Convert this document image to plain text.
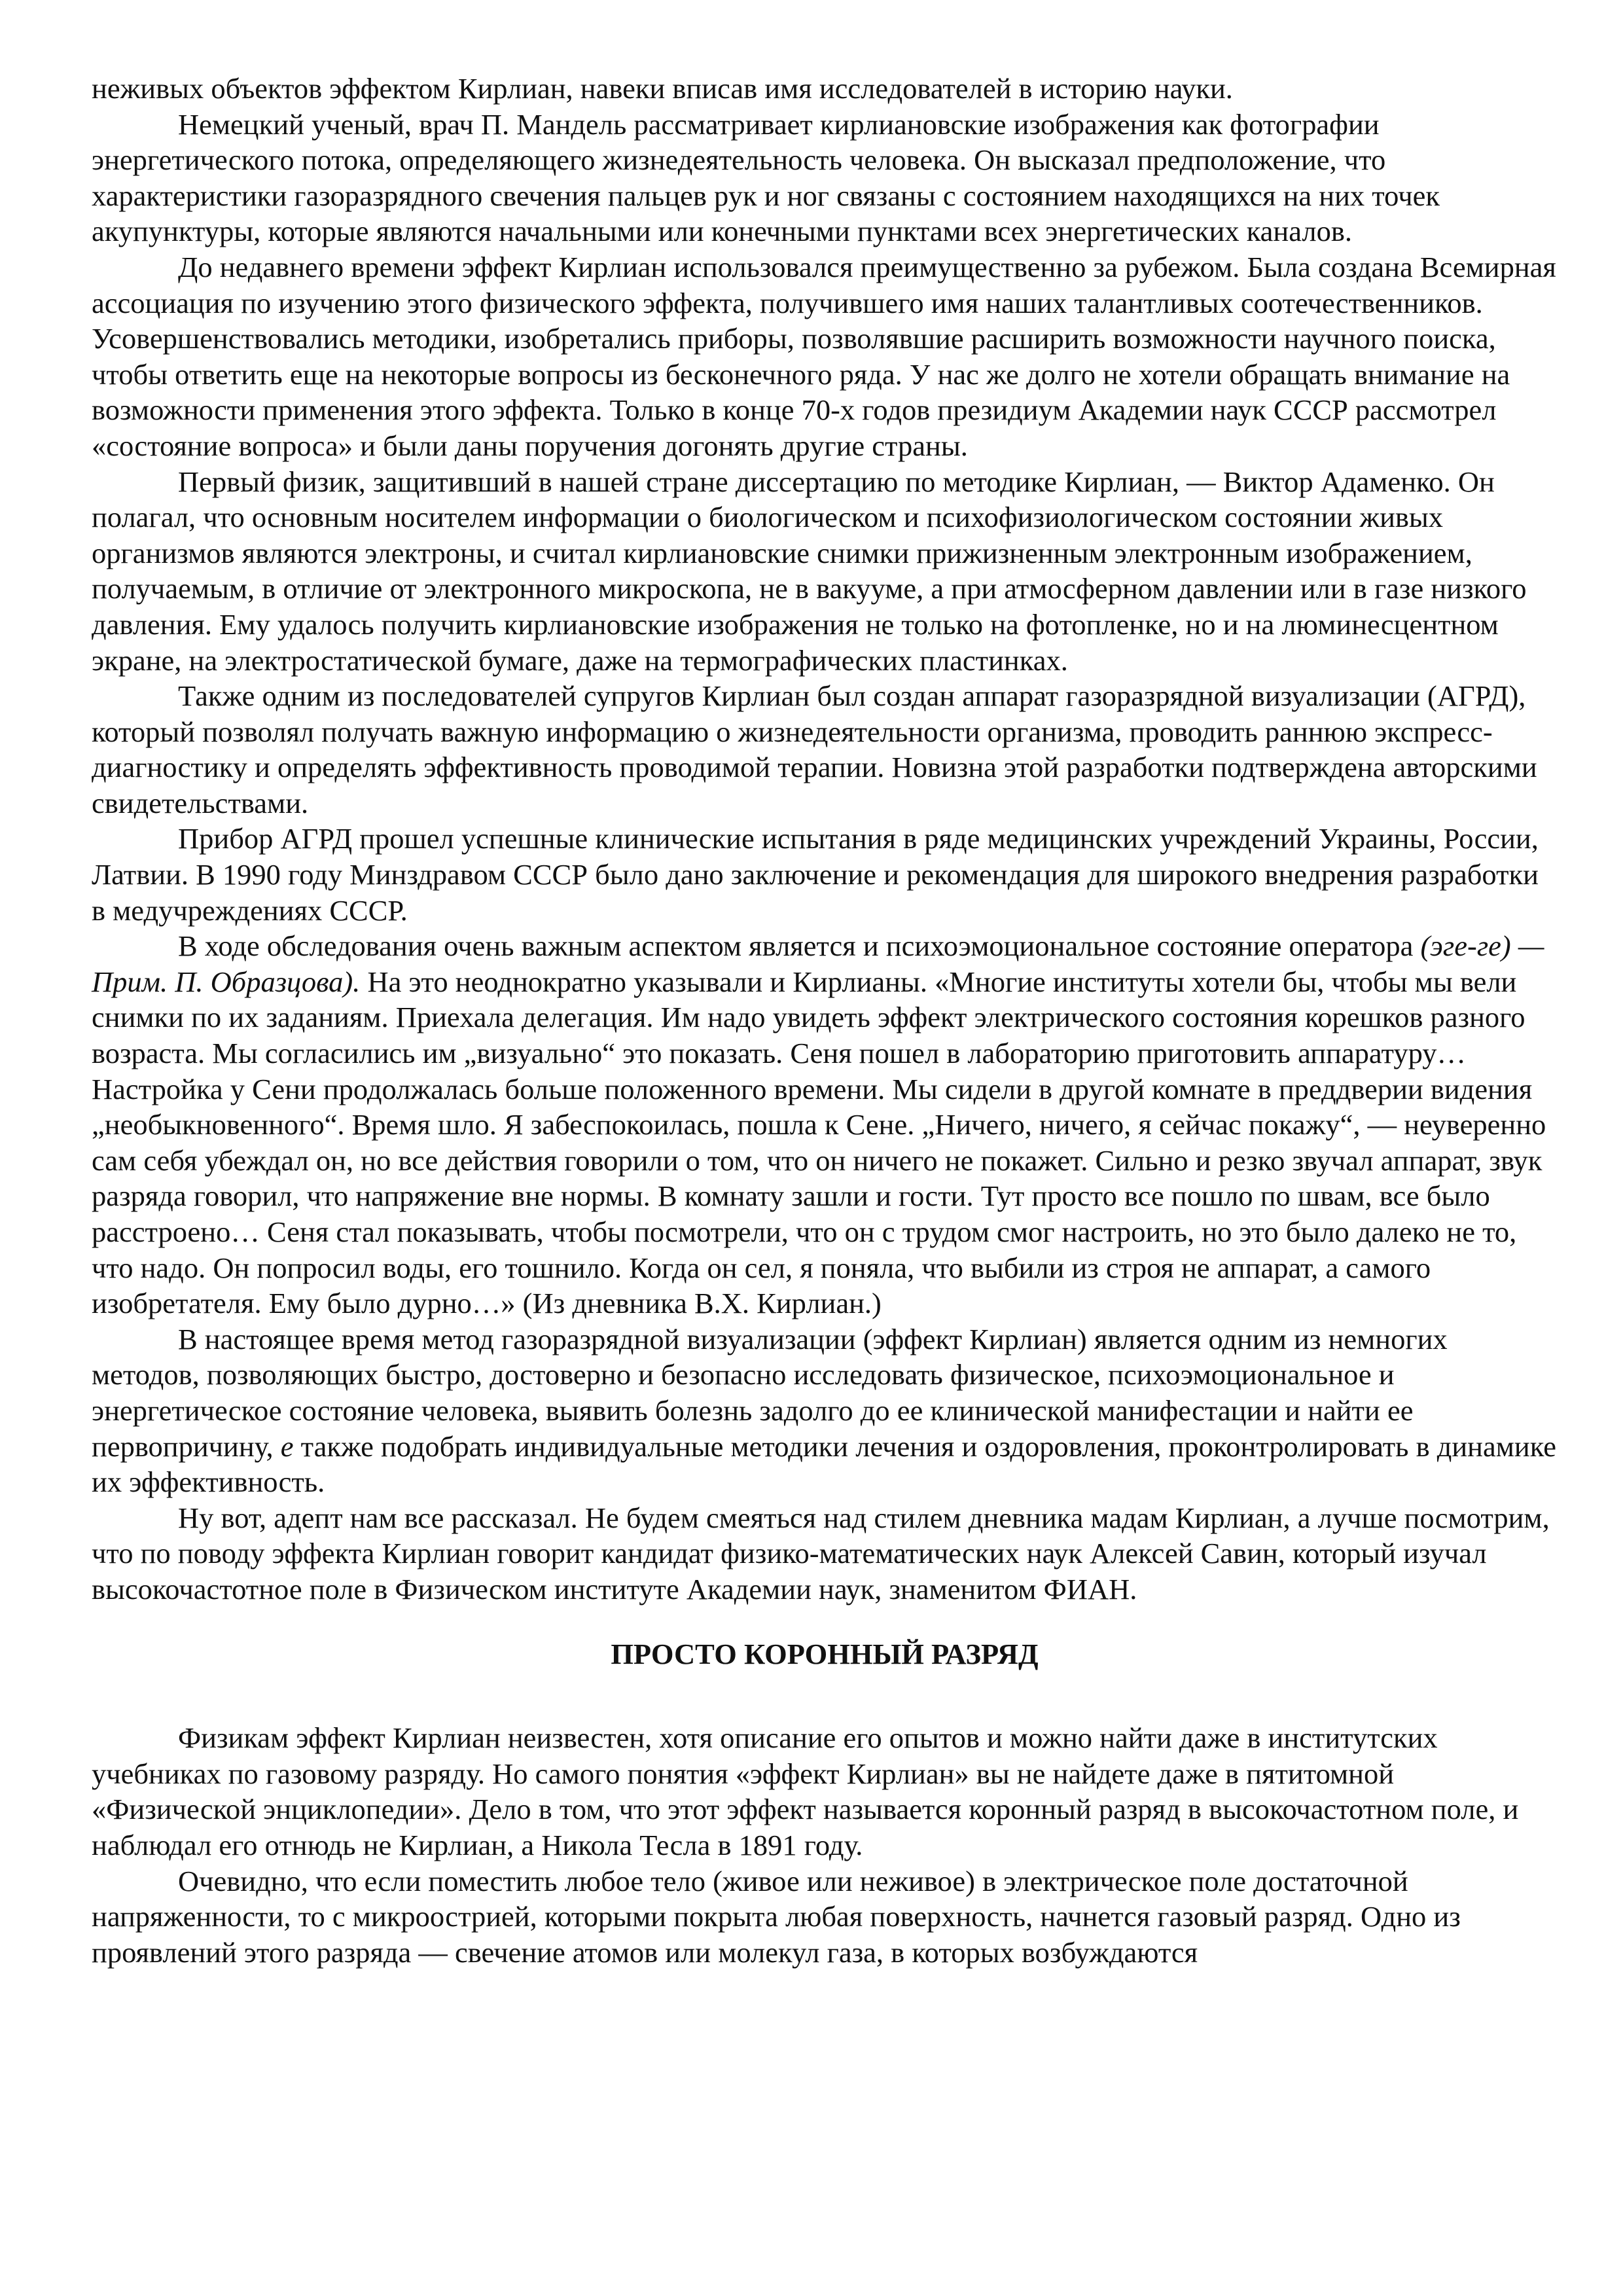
неживых объектов эффектом Кирлиан, навеки вписав имя исследователей в историю науки.

Немецкий ученый, врач П. Мандель рассматривает кирлиановские изображения как фотографии энергетического потока, определяющего жизнедеятельность человека. Он высказал предположение, что характеристики газоразрядного свечения пальцев рук и ног связаны с состоянием находящихся на них точек акупунктуры, которые являются начальными или конечными пунктами всех энергетических каналов.

До недавнего времени эффект Кирлиан использовался преимущественно за рубежом. Была создана Всемирная ассоциация по изучению этого физического эффекта, получившего имя наших талантливых соотечественников. Усовершенствовались методики, изобретались приборы, позволявшие расширить возможности научного поиска, чтобы ответить еще на некоторые вопросы из бесконечного ряда. У нас же долго не хотели обращать внимание на возможности применения этого эффекта. Только в конце 70-х годов президиум Академии наук СССР рассмотрел «состояние вопроса» и были даны поручения догонять другие страны.

Первый физик, защитивший в нашей стране диссертацию по методике Кирлиан, — Виктор Адаменко. Он полагал, что основным носителем информации о биологическом и психофизиологическом состоянии живых организмов являются электроны, и считал кирлиановские снимки прижизненным электронным изображением, получаемым, в отличие от электронного микроскопа, не в вакууме, а при атмосферном давлении или в газе низкого давления. Ему удалось получить кирлиановские изображения не только на фотопленке, но и на люминесцентном экране, на электростатической бумаге, даже на термографических пластинках.

Также одним из последователей супругов Кирлиан был создан аппарат газоразрядной визуализации (АГРД), который позволял получать важную информацию о жизнедеятельности организма, проводить раннюю экспресс-диагностику и определять эффективность проводимой терапии. Новизна этой разработки подтверждена авторскими свидетельствами.

Прибор АГРД прошел успешные клинические испытания в ряде медицинских учреждений Украины, России, Латвии. В 1990 году Минздравом СССР было дано заключение и рекомендация для широкого внедрения разработки в медучреждениях СССР.

В ходе обследования очень важным аспектом является и психоэмоциональное состояние оператора (эге-ге) — Прим. П. Образцова). На это неоднократно указывали и Кирлианы. «Многие институты хотели бы, чтобы мы вели снимки по их заданиям. Приехала делегация. Им надо увидеть эффект электрического состояния корешков разного возраста. Мы согласились им „визуально“ это показать. Сеня пошел в лабораторию приготовить аппаратуру… Настройка у Сени продолжалась больше положенного времени. Мы сидели в другой комнате в преддверии видения „необыкновенного“. Время шло. Я забеспокоилась, пошла к Сене. „Ничего, ничего, я сейчас покажу“, — неуверенно сам себя убеждал он, но все действия говорили о том, что он ничего не покажет. Сильно и резко звучал аппарат, звук разряда говорил, что напряжение вне нормы. В комнату зашли и гости. Тут просто все пошло по швам, все было расстроено… Сеня стал показывать, чтобы посмотрели, что он с трудом смог настроить, но это было далеко не то, что надо. Он попросил воды, его тошнило. Когда он сел, я поняла, что выбили из строя не аппарат, а самого изобретателя. Ему было дурно…» (Из дневника В.Х. Кирлиан.)

В настоящее время метод газоразрядной визуализации (эффект Кирлиан) является одним из немногих методов, позволяющих быстро, достоверно и безопасно исследовать физическое, психоэмоциональное и энергетическое состояние человека, выявить болезнь задолго до ее клинической манифестации и найти ее первопричину, е также подобрать индивидуальные методики лечения и оздоровления, проконтролировать в динамике их эффективность.

Ну вот, адепт нам все рассказал. Не будем смеяться над стилем дневника мадам Кирлиан, а лучше посмотрим, что по поводу эффекта Кирлиан говорит кандидат физико-математических наук Алексей Савин, который изучал высокочастотное поле в Физическом институте Академии наук, знаменитом ФИАН.

ПРОСТО КОРОННЫЙ РАЗРЯД

Физикам эффект Кирлиан неизвестен, хотя описание его опытов и можно найти даже в институтских учебниках по газовому разряду. Но самого понятия «эффект Кирлиан» вы не найдете даже в пятитомной «Физической энциклопедии». Дело в том, что этот эффект называется коронный разряд в высокочастотном поле, и наблюдал его отнюдь не Кирлиан, а Никола Тесла в 1891 году.

Очевидно, что если поместить любое тело (живое или неживое) в электрическое поле достаточной напряженности, то с микроострией, которыми покрыта любая поверхность, начнется газовый разряд. Одно из проявлений этого разряда — свечение атомов или молекул газа, в которых возбуждаются
